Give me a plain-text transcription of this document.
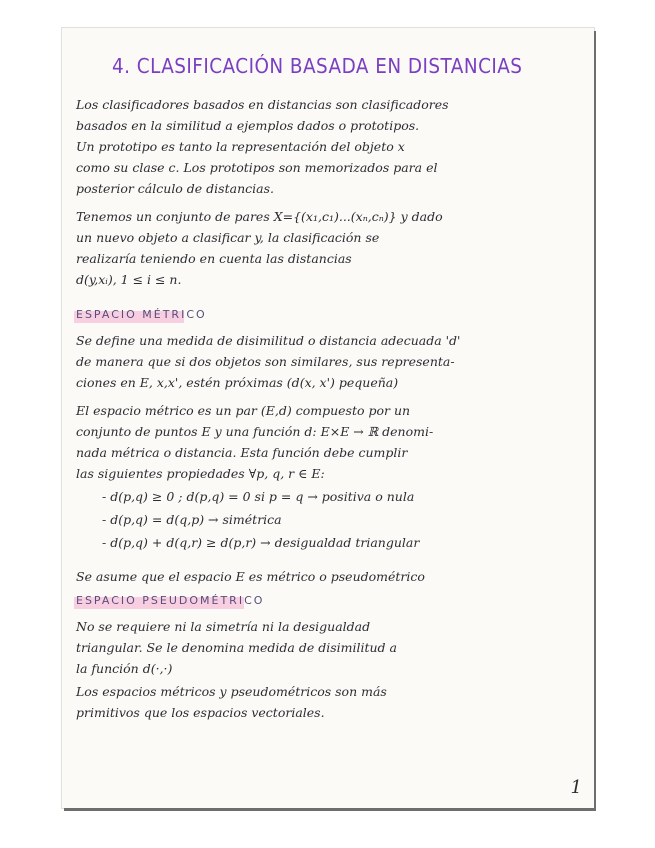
4. CLASIFICACIÓN BASADA EN DISTANCIAS
Los clasificadores basados en distancias son clasificadores
basados en la similitud a ejemplos dados o prototipos.
Un prototipo es tanto la representación del objeto x
como su clase c. Los prototipos son memorizados para el
posterior cálculo de distancias.
Tenemos un conjunto de pares X={(x₁,c₁)...(xₙ,cₙ)} y dado
un nuevo objeto a clasificar y, la clasificación se
realizaría teniendo en cuenta las distancias
d(y,xᵢ), 1 ≤ i ≤ n.
ESPACIO MÉTRICO
Se define una medida de disimilitud o distancia adecuada 'd'
de manera que si dos objetos son similares, sus representa-
ciones en E, x,x', estén próximas (d(x, x') pequeña)
El espacio métrico es un par (E,d) compuesto por un
conjunto de puntos E y una función d: E×E → ℝ denomi-
nada métrica o distancia. Esta función debe cumplir
las siguientes propiedades ∀p, q, r ∈ E:
- d(p,q) ≥ 0 ; d(p,q) = 0 si p = q → positiva o nula
- d(p,q) = d(q,p) → simétrica
- d(p,q) + d(q,r) ≥ d(p,r) → desigualdad triangular
Se asume que el espacio E es métrico o pseudométrico
ESPACIO PSEUDOMÉTRICO
No se requiere ni la simetría ni la desigualdad
triangular. Se le denomina medida de disimilitud a
la función d(·,·)
Los espacios métricos y pseudométricos son más
primitivos que los espacios vectoriales.
1
